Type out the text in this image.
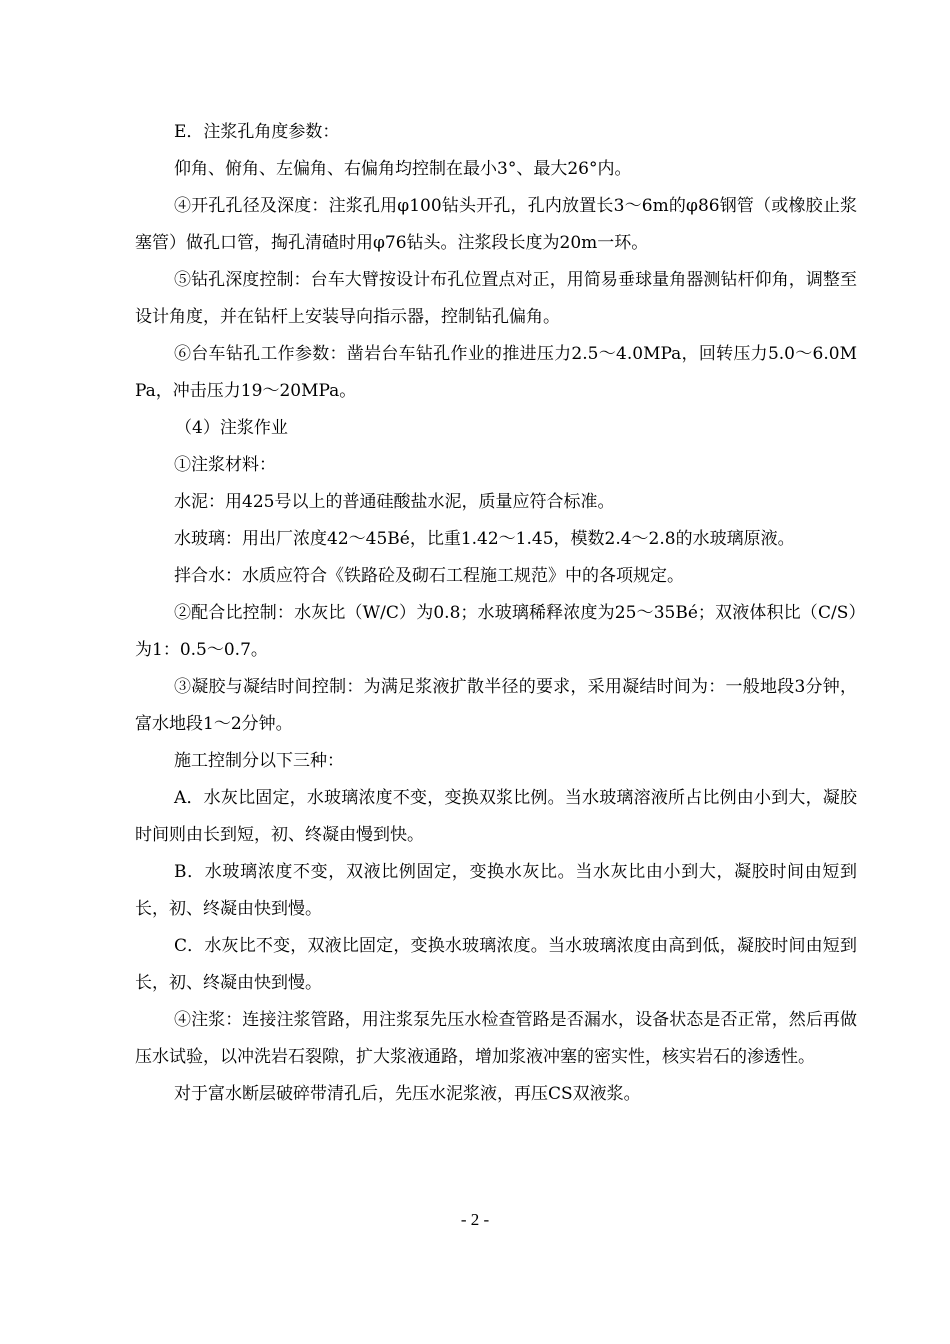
E．注浆孔角度参数：

仰角、俯角、左偏角、右偏角均控制在最小3°、最大26°内。

④开孔孔径及深度：注浆孔用φ100钻头开孔，孔内放置长3～6m的φ86钢管（或橡胶止浆塞管）做孔口管，掏孔清碴时用φ76钻头。注浆段长度为20m一环。

⑤钻孔深度控制：台车大臂按设计布孔位置点对正，用简易垂球量角器测钻杆仰角，调整至设计角度，并在钻杆上安装导向指示器，控制钻孔偏角。

⑥台车钻孔工作参数：凿岩台车钻孔作业的推进压力2.5～4.0MPa，回转压力5.0～6.0MPa，冲击压力19～20MPa。

（4）注浆作业

①注浆材料：

水泥：用425号以上的普通硅酸盐水泥，质量应符合标准。

水玻璃：用出厂浓度42～45Bé，比重1.42～1.45，模数2.4～2.8的水玻璃原液。

拌合水：水质应符合《铁路砼及砌石工程施工规范》中的各项规定。

②配合比控制：水灰比（W/C）为0.8；水玻璃稀释浓度为25～35Bé；双液体积比（C/S）为1：0.5～0.7。

③凝胶与凝结时间控制：为满足浆液扩散半径的要求，采用凝结时间为：一般地段3分钟，富水地段1～2分钟。

施工控制分以下三种：

A．水灰比固定，水玻璃浓度不变，变换双浆比例。当水玻璃溶液所占比例由小到大，凝胶时间则由长到短，初、终凝由慢到快。

B．水玻璃浓度不变，双液比例固定，变换水灰比。当水灰比由小到大，凝胶时间由短到长，初、终凝由快到慢。

C．水灰比不变，双液比固定，变换水玻璃浓度。当水玻璃浓度由高到低，凝胶时间由短到长，初、终凝由快到慢。

④注浆：连接注浆管路，用注浆泵先压水检查管路是否漏水，设备状态是否正常，然后再做压水试验，以冲洗岩石裂隙，扩大浆液通路，增加浆液冲塞的密实性，核实岩石的渗透性。

对于富水断层破碎带清孔后，先压水泥浆液，再压CS双液浆。

- 2 -
